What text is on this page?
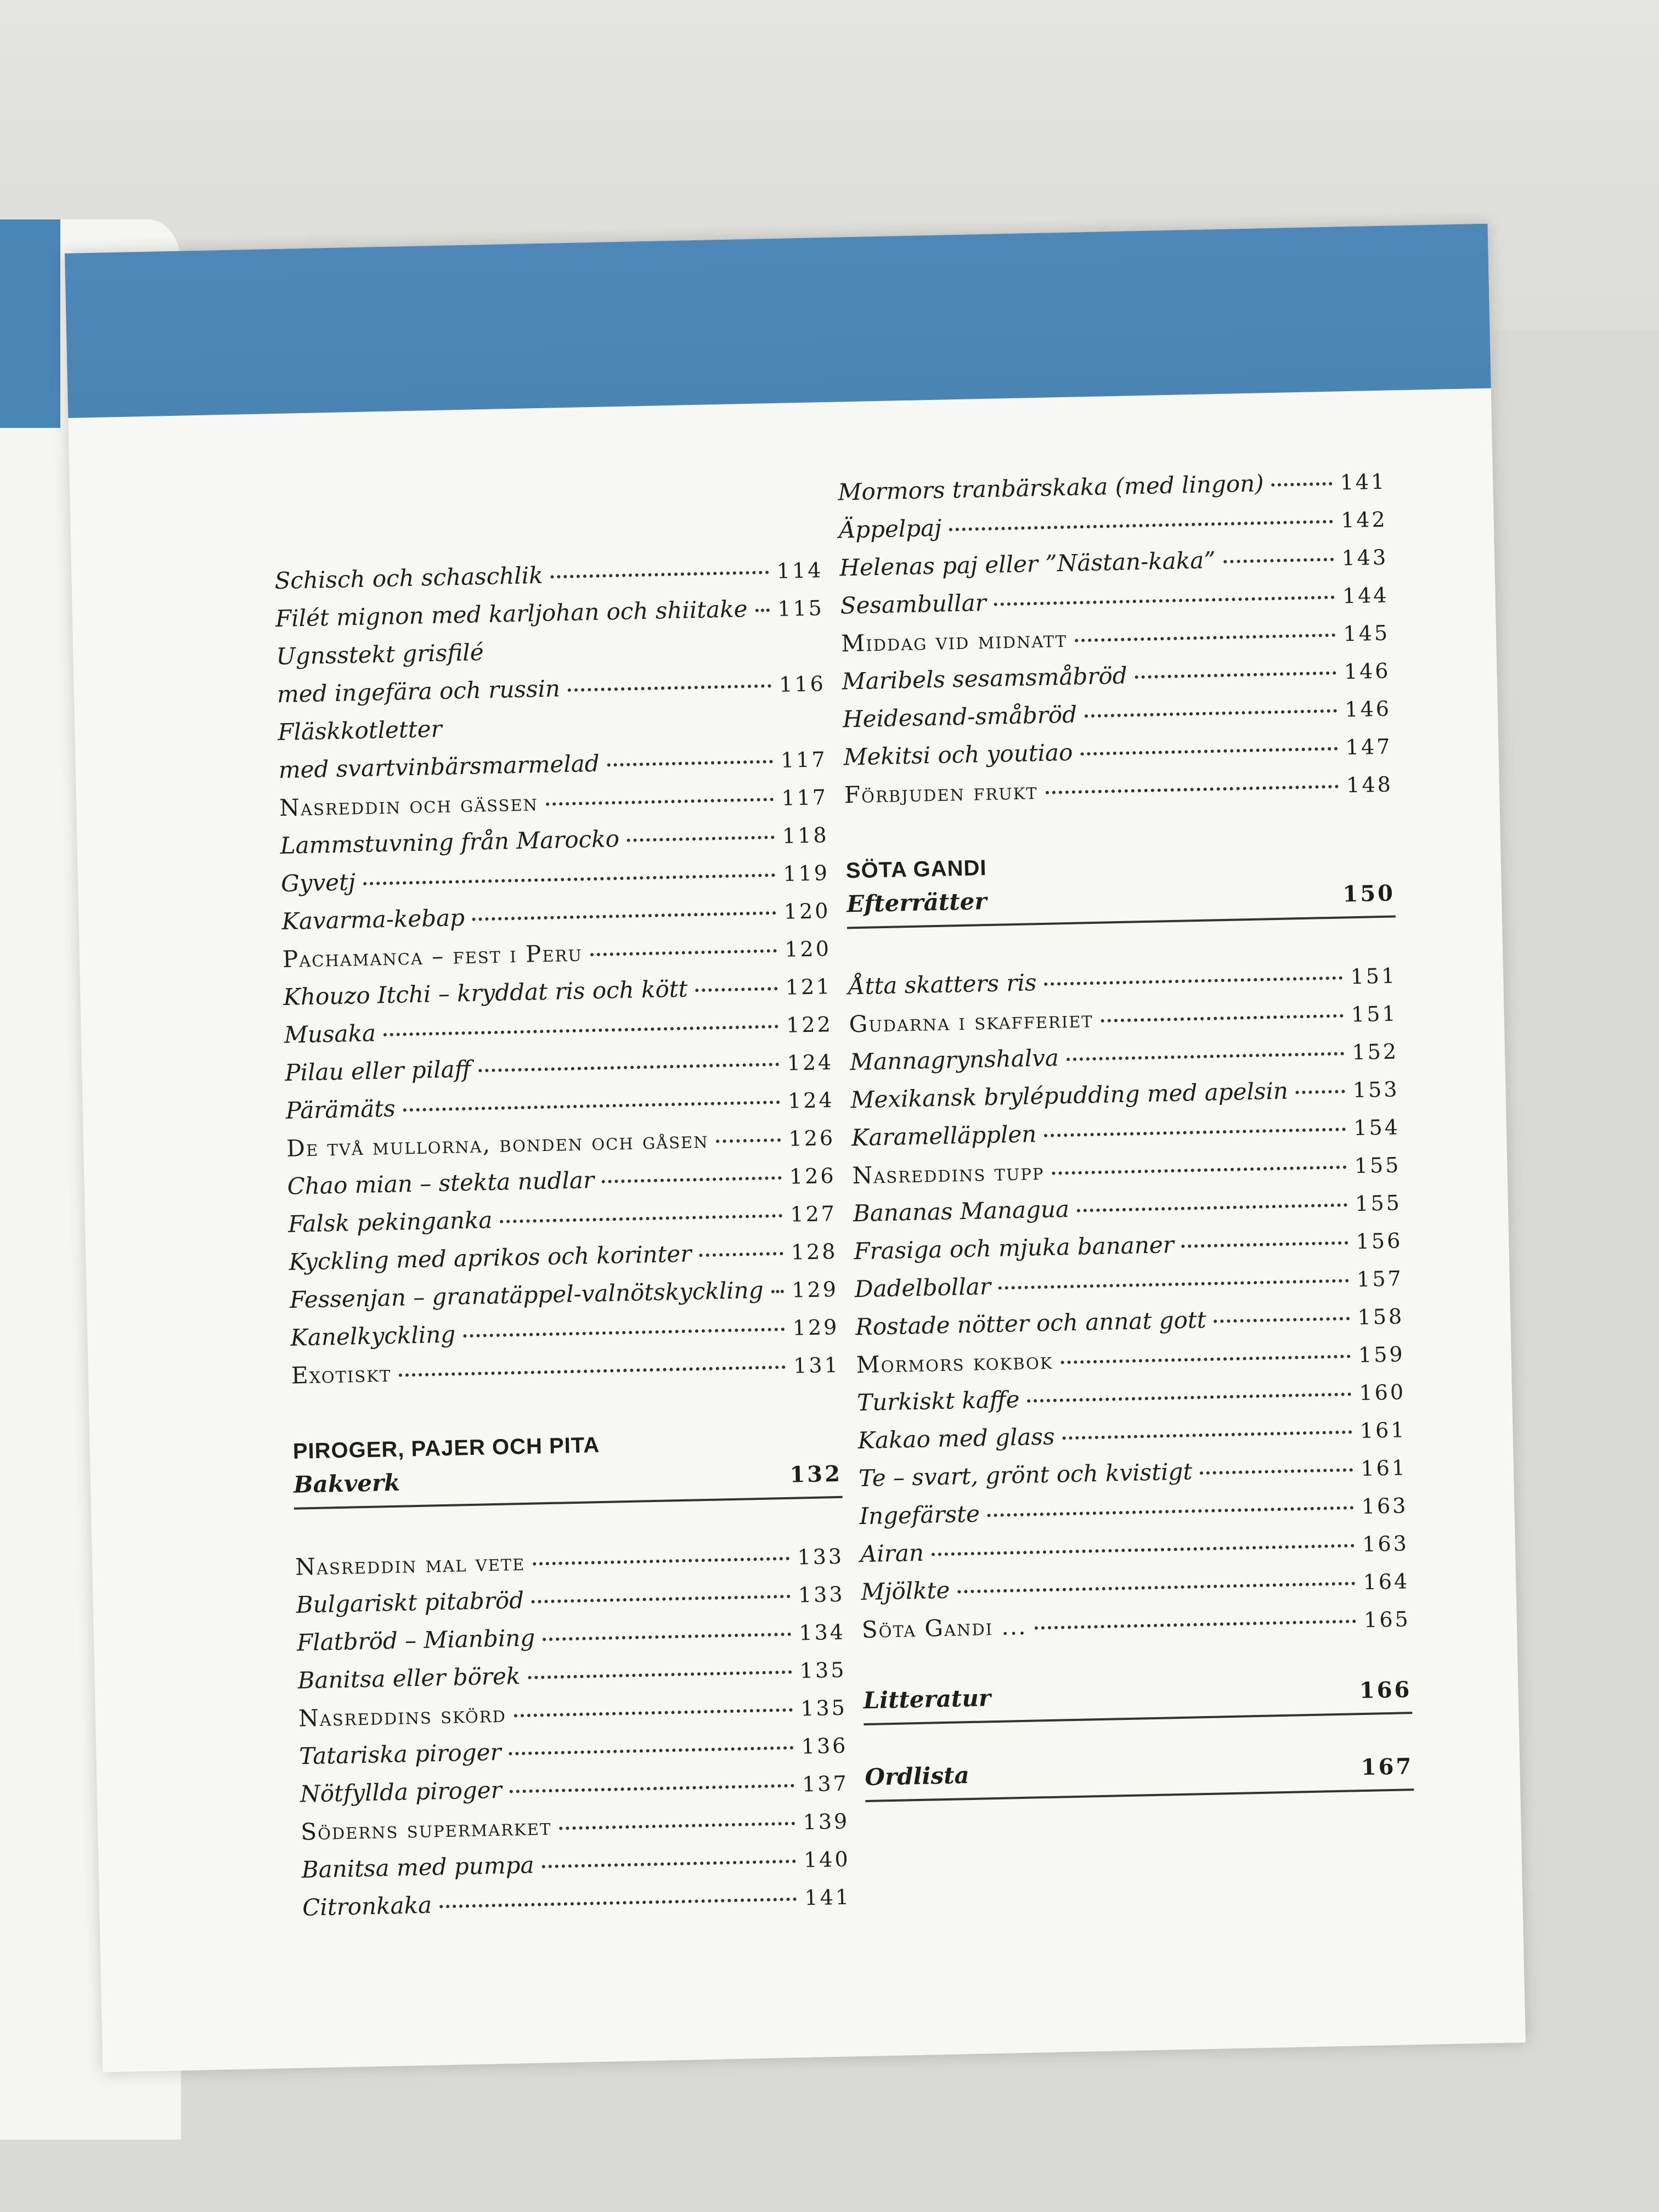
Schisch och schaschlik	114
Filét mignon med karljohan och shiitake 115
Ugnsstekt grisfilé
med ingefära och russin	116
Fläskkotletter
med svartvinbärsmarmelad	117
Nasreddin och gässen	117
Lammstuvning från Marocko	118
Gyvetj	119
Kavarma-kebap	120
Pachamanca – fest i Peru	120
Khouzo Itchi – kryddat ris och kött	121
Musaka	122
Pilau eller pilaff	124
Pärämäts	124
De två mullorna, bonden och gåsen	126
Chao mian – stekta nudlar	126
Falsk pekinganka	127
Kyckling med aprikos och korinter	128
Fessenjan – granatäppel-valnötskyckling 129
Kanelkyckling	129
Exotiskt	131
PIROGER, PAJER OCH PITA
Bakverk	132
Nasreddin mal vete	133
Bulgariskt pitabröd	133
Flatbröd – Mianbing	134
Banitsa eller börek	135
Nasreddins skörd	135
Tatariska piroger	136
Nötfyllda piroger	137
Söderns supermarket	139
Banitsa med pumpa	140
Citronkaka	141
Mormors tranbärskaka (med lingon)	141
Äppelpaj	142
Helenas paj eller ”Nästan-kaka”	143
Sesambullar	144
Middag vid midnatt	145
Maribels sesamsmåbröd	146
Heidesand-småbröd	146
Mekitsi och youtiao	147
Förbjuden frukt	148
SÖTA GANDI
Efterrätter	150
Åtta skatters ris	151
Gudarna i skafferiet	151
Mannagrynshalva	152
Mexikansk brylépudding med apelsin	153
Karamelläpplen	154
Nasreddins tupp	155
Bananas Managua	155
Frasiga och mjuka bananer	156
Dadelbollar	157
Rostade nötter och annat gott	158
Mormors kokbok	159
Turkiskt kaffe	160
Kakao med glass	161
Te – svart, grönt och kvistigt	161
Ingefärste	163
Airan	163
Mjölkte	164
Söta Gandi ...	165
Litteratur	166
Ordlista	167
